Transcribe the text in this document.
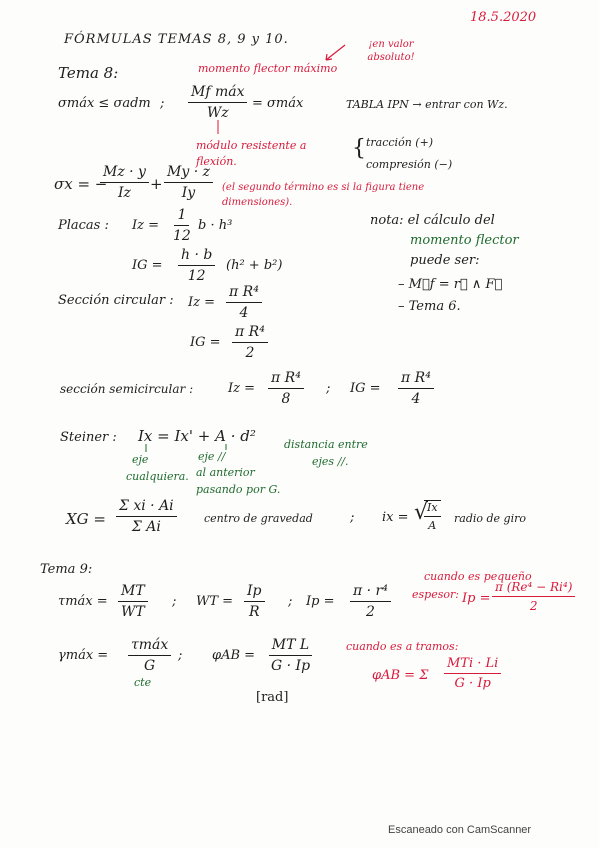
18.5.2020
FÓRMULAS TEMAS 8, 9 y 10.	¡en valor absoluto!
Tema 8:	momento flector máximo
σmáx ≤ σadm ;
Mf máx
Wz
= σmáx	TABLA IPN → entrar con Wz.
módulo resistente a flexión.
{ tracción (+)
compresión (−)
σx = −
$\frac{Mz \cdot y}{Iz} + \frac{My \cdot z}{Iy} (el$ segundo término es si la figura tiene dimensiones).
Placas : $Iz = \frac{1}{12}$ b · h³
IG = $\frac{h \cdot b}{12} (h^2 + b^2)$
nota: el cálculo del
momento flector
puede ser:
– M⃗f = r⃗ ∧ F⃗
– Tema 6.
Sección circular : $Iz = \frac{\text{π R⁴}}{4}$
IG = $\frac{\text{π R⁴}}{2}$
sección semicircular :	$Iz = \frac{\text{π R⁴}}{8}$ ; IG = $\frac{\text{π R⁴}}{4}$
Steiner : Ix = Ix' + A · d²
eje
cualquiera.
eje //
al anterior
pasando por G.
distancia entre
ejes //.
XG = $\frac{\text{Σ xi · Ai}}{\text{Σ Ai}}$ centro de gravedad	; ix = √
$\frac{Ix}{A}$ radio de giro
Tema 9:
τmáx = $\frac{MT}{WT}$ ; WT = $\frac{Ip}{R}$ ; $Ip = \frac{\text{π · r⁴}}{2}$
cuando es pequeño
espesor: $Ip = \frac{\text{π (Re⁴ − Ri⁴)}}{2}$
γmáx =
τmáx
G
cte
; $\varphi AB = \frac{\text{MT L}}{G \cdot Ip}$
[rad]
cuando es a tramos:
φAB = Σ
MTi · Li
G · Ip
Escaneado con CamScanner
